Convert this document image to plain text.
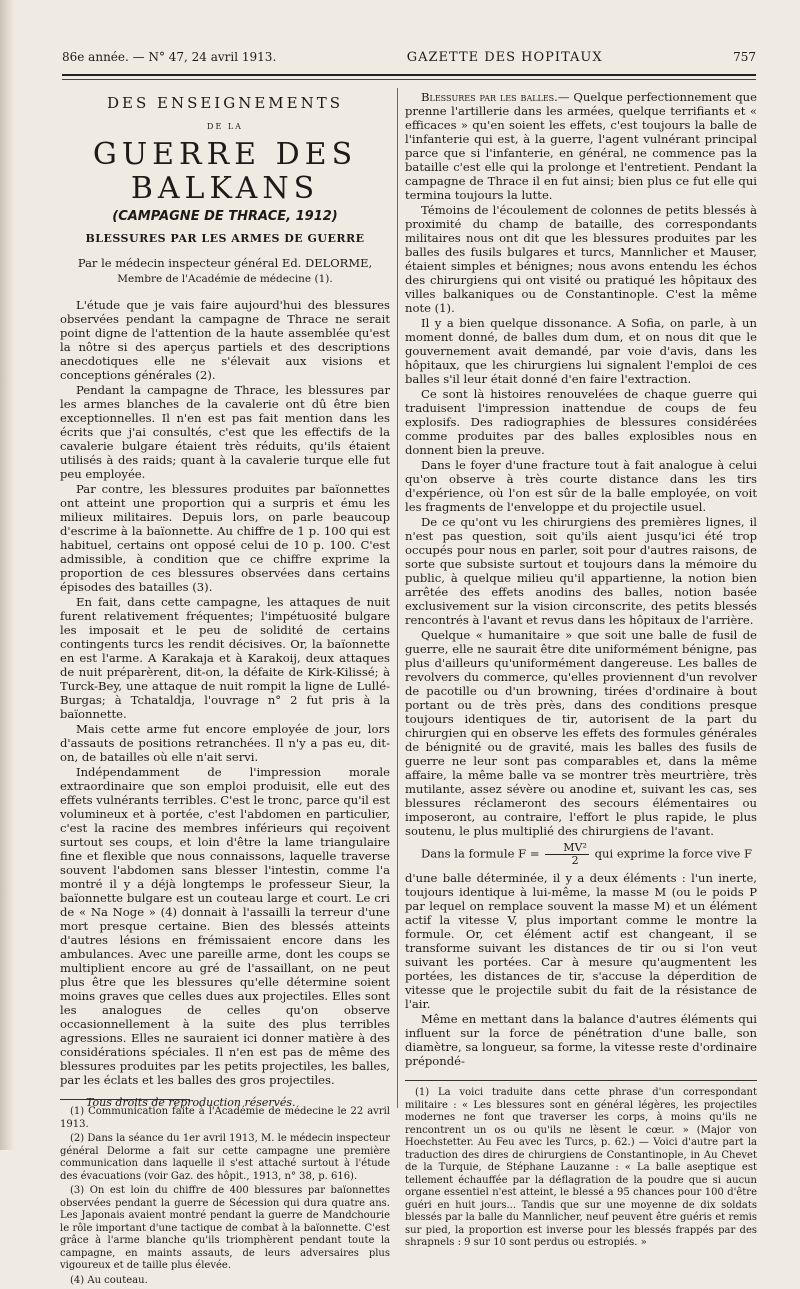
86e année. — N° 47, 24 avril 1913.	GAZETTE DES HOPITAUX	757
DES ENSEIGNEMENTS
DE LA
GUERRE DES BALKANS
(CAMPAGNE DE THRACE, 1912)
BLESSURES PAR LES ARMES DE GUERRE
Par le médecin inspecteur général Ed. DELORME,
Membre de l'Académie de médecine (1).

L'étude que je vais faire aujourd'hui des blessures observées pendant la campagne de Thrace ne serait point digne de l'attention de la haute assemblée qu'est la nôtre si des aperçus partiels et des descriptions anecdotiques elle ne s'élevait aux visions et conceptions générales (2).

Pendant la campagne de Thrace, les blessures par les armes blanches de la cavalerie ont dû être bien exceptionnelles. Il n'en est pas fait mention dans les écrits que j'ai consultés, c'est que les effectifs de la cavalerie bulgare étaient très réduits, qu'ils étaient utilisés à des raids; quant à la cavalerie turque elle fut peu employée.

Par contre, les blessures produites par baïonnettes ont atteint une proportion qui a surpris et ému les milieux militaires. Depuis lors, on parle beaucoup d'escrime à la baïonnette. Au chiffre de 1 p. 100 qui est habituel, certains ont opposé celui de 10 p. 100. C'est admissible, à condition que ce chiffre exprime la proportion de ces blessures observées dans certains épisodes des batailles (3).

En fait, dans cette campagne, les attaques de nuit furent relativement fréquentes; l'impétuosité bulgare les imposait et le peu de solidité de certains contingents turcs les rendit décisives. Or, la baïonnette en est l'arme. A Karakaja et à Karakoij, deux attaques de nuit préparèrent, dit-on, la défaite de Kirk-Kilissé; à Turck-Bey, une attaque de nuit rompit la ligne de Lullé-Burgas; à Tchataldja, l'ouvrage n° 2 fut pris à la baïonnette.

Mais cette arme fut encore employée de jour, lors d'assauts de positions retranchées. Il n'y a pas eu, dit-on, de batailles où elle n'ait servi.

Indépendamment de l'impression morale extraordinaire que son emploi produisit, elle eut des effets vulnérants terribles. C'est le tronc, parce qu'il est volumineux et à portée, c'est l'abdomen en particulier, c'est la racine des membres inférieurs qui reçoivent surtout ses coups, et loin d'être la lame triangulaire fine et flexible que nous connaissons, laquelle traverse souvent l'abdomen sans blesser l'intestin, comme l'a montré il y a déjà longtemps le professeur Sieur, la baïonnette bulgare est un couteau large et court. Le cri de « Na Noge » (4) donnait à l'assailli la terreur d'une mort presque certaine. Bien des blessés atteints d'autres lésions en frémissaient encore dans les ambulances. Avec une pareille arme, dont les coups se multiplient encore au gré de l'assaillant, on ne peut plus être que les blessures qu'elle détermine soient moins graves que celles dues aux projectiles. Elles sont les analogues de celles qu'on observe occasionnellement à la suite des plus terribles agressions. Elles ne sauraient ici donner matière à des considérations spéciales. Il n'en est pas de même des blessures produites par les petits projectiles, les balles, par les éclats et les balles des gros projectiles.

(1) Communication faite à l'Académie de médecine le 22 avril 1913.
(2) Dans la séance du 1er avril 1913, M. le médecin inspecteur général Delorme a fait sur cette campagne une première communication dans laquelle il s'est attaché surtout à l'étude des évacuations (voir Gaz. des hôpit., 1913, n° 38, p. 616).
(3) On est loin du chiffre de 400 blessures par baïonnettes observées pendant la guerre de Sécession qui dura quatre ans. Les Japonais avaient montré pendant la guerre de Mandchourie le rôle important d'une tactique de combat à la baïonnette. C'est grâce à l'arme blanche qu'ils triomphèrent pendant toute la campagne, en maints assauts, de leurs adversaires plus vigoureux et de taille plus élevée.
(4) Au couteau.

Blessures par les balles.— Quelque perfectionnement que prenne l'artillerie dans les armées, quelque terrifiants et « efficaces » qu'en soient les effets, c'est toujours la balle de l'infanterie qui est, à la guerre, l'agent vulnérant principal parce que si l'infanterie, en général, ne commence pas la bataille c'est elle qui la prolonge et l'entretient. Pendant la campagne de Thrace il en fut ainsi; bien plus ce fut elle qui termina toujours la lutte.

Témoins de l'écoulement de colonnes de petits blessés à proximité du champ de bataille, des correspondants militaires nous ont dit que les blessures produites par les balles des fusils bulgares et turcs, Mannlicher et Mauser, étaient simples et bénignes; nous avons entendu les échos des chirurgiens qui ont visité ou pratiqué les hôpitaux des villes balkaniques ou de Constantinople. C'est la même note (1).

Il y a bien quelque dissonance. A Sofia, on parle, à un moment donné, de balles dum dum, et on nous dit que le gouvernement avait demandé, par voie d'avis, dans les hôpitaux, que les chirurgiens lui signalent l'emploi de ces balles s'il leur était donné d'en faire l'extraction.

Ce sont là histoires renouvelées de chaque guerre qui traduisent l'impression inattendue de coups de feu explosifs. Des radiographies de blessures considérées comme produites par des balles explosibles nous en donnent bien la preuve.

Dans le foyer d'une fracture tout à fait analogue à celui qu'on observe à très courte distance dans les tirs d'expérience, où l'on est sûr de la balle employée, on voit les fragments de l'enveloppe et du projectile usuel.

De ce qu'ont vu les chirurgiens des premières lignes, il n'est pas question, soit qu'ils aient jusqu'ici été trop occupés pour nous en parler, soit pour d'autres raisons, de sorte que subsiste surtout et toujours dans la mémoire du public, à quelque milieu qu'il appartienne, la notion bien arrêtée des effets anodins des balles, notion basée exclusivement sur la vision circonscrite, des petits blessés rencontrés à l'avant et revus dans les hôpitaux de l'arrière.

Quelque « humanitaire » que soit une balle de fusil de guerre, elle ne saurait être dite uniformément bénigne, pas plus d'ailleurs qu'uniformément dangereuse. Les balles de revolvers du commerce, qu'elles proviennent d'un revolver de pacotille ou d'un browning, tirées d'ordinaire à bout portant ou de très près, dans des conditions presque toujours identiques de tir, autorisent de la part du chirurgien qui en observe les effets des formules générales de bénignité ou de gravité, mais les balles des fusils de guerre ne leur sont pas comparables et, dans la même affaire, la même balle va se montrer très meurtrière, très mutilante, assez sévère ou anodine et, suivant les cas, ses blessures réclameront des secours élémentaires ou imposeront, au contraire, l'effort le plus rapide, le plus soutenu, le plus multiplié des chirurgiens de l'avant.

Dans la formule $F = \frac{\text{MV²}}{2}$ qui exprime la force vive F

d'une balle déterminée, il y a deux éléments : l'un inerte, toujours identique à lui-même, la masse M (ou le poids P par lequel on remplace souvent la masse M) et un élément actif la vitesse V, plus important comme le montre la formule. Or, cet élément actif est changeant, il se transforme suivant les distances de tir ou si l'on veut suivant les portées. Car à mesure qu'augmentent les portées, les distances de tir, s'accuse la déperdition de vitesse que le projectile subit du fait de la résistance de l'air.

Même en mettant dans la balance d'autres éléments qui influent sur la force de pénétration d'une balle, son diamètre, sa longueur, sa forme, la vitesse reste d'ordinaire prépondé-

(1) La voici traduite dans cette phrase d'un correspondant militaire : « Les blessures sont en général légères, les projectiles modernes ne font que traverser les corps, à moins qu'ils ne rencontrent un os ou qu'ils ne lèsent le cœur. » (Major von Hoechstetter. Au Feu avec les Turcs, p. 62.) — Voici d'autre part la traduction des dires de chirurgiens de Constantinople, in Au Chevet de la Turquie, de Stéphane Lauzanne : « La balle aseptique est tellement échauffée par la déflagration de la poudre que si aucun organe essentiel n'est atteint, le blessé a 95 chances pour 100 d'être guéri en huit jours... Tandis que sur une moyenne de dix soldats blessés par la balle du Mannlicher, neuf peuvent être guéris et remis sur pied, la proportion est inverse pour les blessés frappés par des shrapnels : 9 sur 10 sont perdus ou estropiés. »
Tous droits de reproduction réservés.
